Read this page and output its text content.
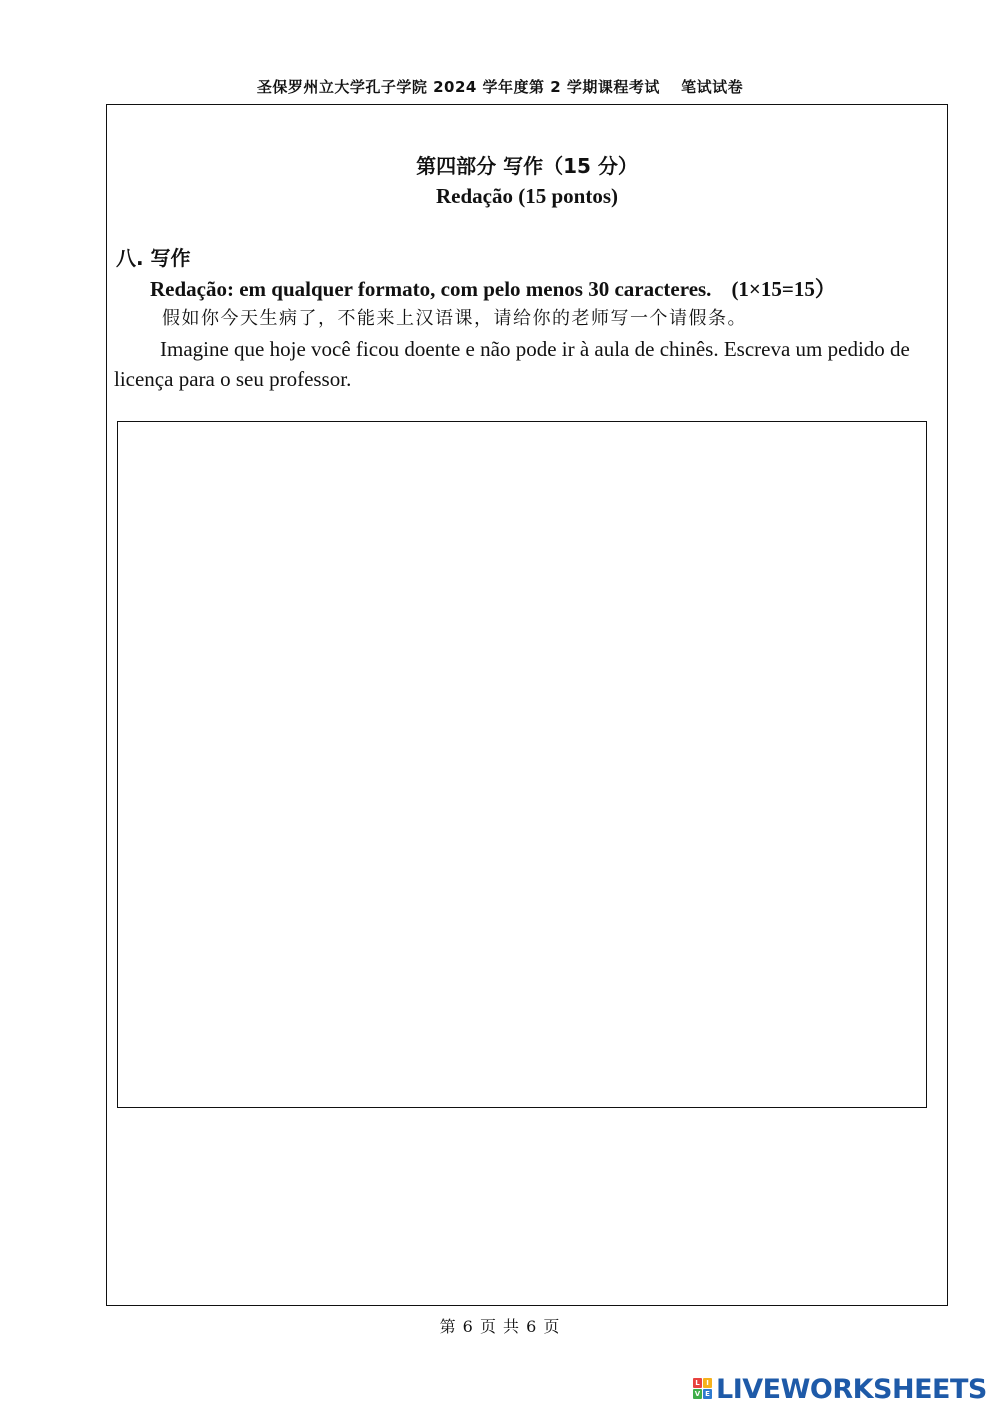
圣保罗州立大学孔子学院 2024 学年度第 2 学期课程考试　 笔试试卷
第四部分 写作（15 分）
Redação (15 pontos)
八. 写作
Redação: em qualquer formato, com pelo menos 30 caracteres. (1×15=15）
假如你今天生病了，不能来上汉语课，请给你的老师写一个请假条。
Imagine que hoje você ficou doente e não pode ir à aula de chinês. Escreva um pedido de licença para o seu professor.
第 6 页 共 6 页
L I
V E LIVEWORKSHEETS
